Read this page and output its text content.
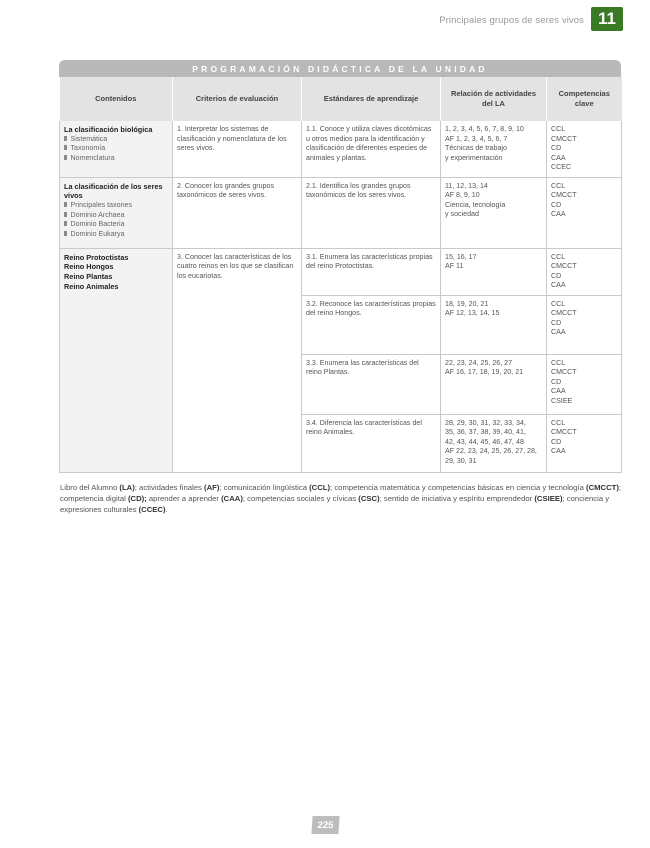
Principales grupos de seres vivos 11
PROGRAMACIÓN DIDÁCTICA DE LA UNIDAD
Contenidos	Criterios de evaluación	Estándares de aprendizaje	Relación de actividades del LA	Competencias clave

La clasificación biológica
Sistemática
Taxonomía
Nomenclatura	1. Interpretar los sistemas de clasificación y nomenclatura de los seres vivos.	1.1. Conoce y utiliza claves dicotómicas u otros medios para la identificación y clasificación de diferentes especies de animales y plantas.	1, 2, 3, 4, 5, 6, 7, 8, 9, 10
AF 1, 2, 3, 4, 5, 6, 7
Técnicas de trabajo
y experimentación	CCL
CMCCT
CD
CAA
CCEC

La clasificación de los seres vivos
Principales taxones
Dominio Archaea
Dominio Bacteria
Dominio Eukarya	2. Conocer los grandes grupos taxonómicos de seres vivos.	2.1. Identifica los grandes grupos taxonómicos de los seres vivos.	11, 12, 13, 14
AF 8, 9, 10
Ciencia, tecnología
y sociedad	CCL
CMCCT
CD
CAA

Reino Protoctistas
Reino Hongos
Reino Plantas
Reino Animales	3. Conocer las características de los cuatro reinos en los que se clasifican los eucariotas.	3.1. Enumera las características propias del reino Protoctistas.	15, 16, 17
AF 11	CCL
CMCCT
CD
CAA

		3.2. Reconoce las características propias del reino Hongos.	18, 19, 20, 21
AF 12, 13, 14, 15	CCL
CMCCT
CD
CAA

		3.3. Enumera las características del reino Plantas.	22, 23, 24, 25, 26, 27
AF 16, 17, 18, 19, 20, 21	CCL
CMCCT
CD
CAA
CSIEE

		3.4. Diferencia las características del reino Animales.	28, 29, 30, 31, 32, 33, 34,
35, 36, 37, 38, 39, 40, 41,
42, 43, 44, 45, 46, 47, 48
AF 22, 23, 24, 25, 26, 27, 28,
29, 30, 31	CCL
CMCCT
CD
CAA

Libro del Alumno (LA); actividades finales (AF); comunicación lingüística (CCL); competencia matemática y competencias básicas en ciencia y tecnología (CMCCT); competencia digital (CD); aprender a aprender (CAA); competencias sociales y cívicas (CSC); sentido de iniciativa y espíritu emprendedor (CSIEE); conciencia y expresiones culturales (CCEC).

225
